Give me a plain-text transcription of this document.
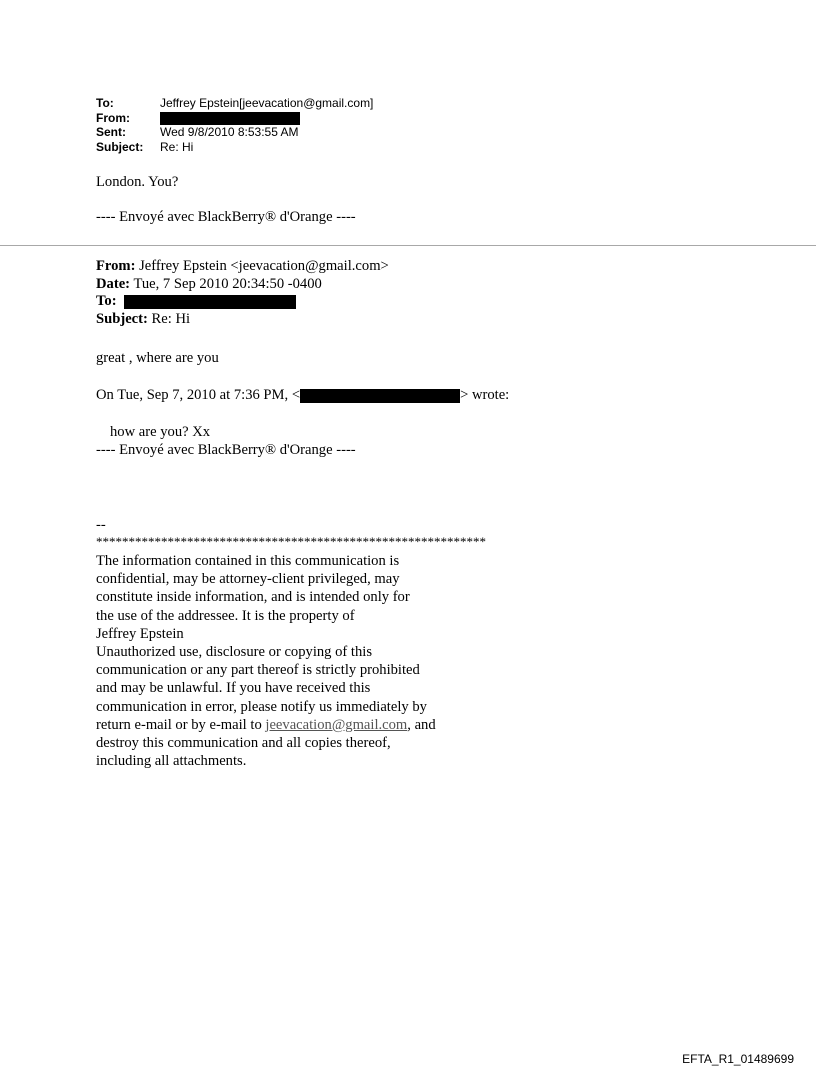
To:	Jeffrey Epstein[jeevacation@gmail.com]
From:
Sent:	Wed 9/8/2010 8:53:55 AM
Subject:	Re: Hi
London. You?
---- Envoyé avec BlackBerry® d'Orange ----
From: Jeffrey Epstein <jeevacation@gmail.com>
Date: Tue, 7 Sep 2010 20:34:50 -0400
To:
Subject: Re: Hi
great , where are you
On Tue, Sep 7, 2010 at 7:36 PM, <	> wrote:
how are you? Xx
---- Envoyé avec BlackBerry® d'Orange ----
--
************************************************************
The information contained in this communication is
confidential, may be attorney-client privileged, may
constitute inside information, and is intended only for
the use of the addressee. It is the property of
Jeffrey Epstein
Unauthorized use, disclosure or copying of this
communication or any part thereof is strictly prohibited
and may be unlawful. If you have received this
communication in error, please notify us immediately by
return e-mail or by e-mail to jeevacation@gmail.com, and
destroy this communication and all copies thereof,
including all attachments.
EFTA_R1_01489699
